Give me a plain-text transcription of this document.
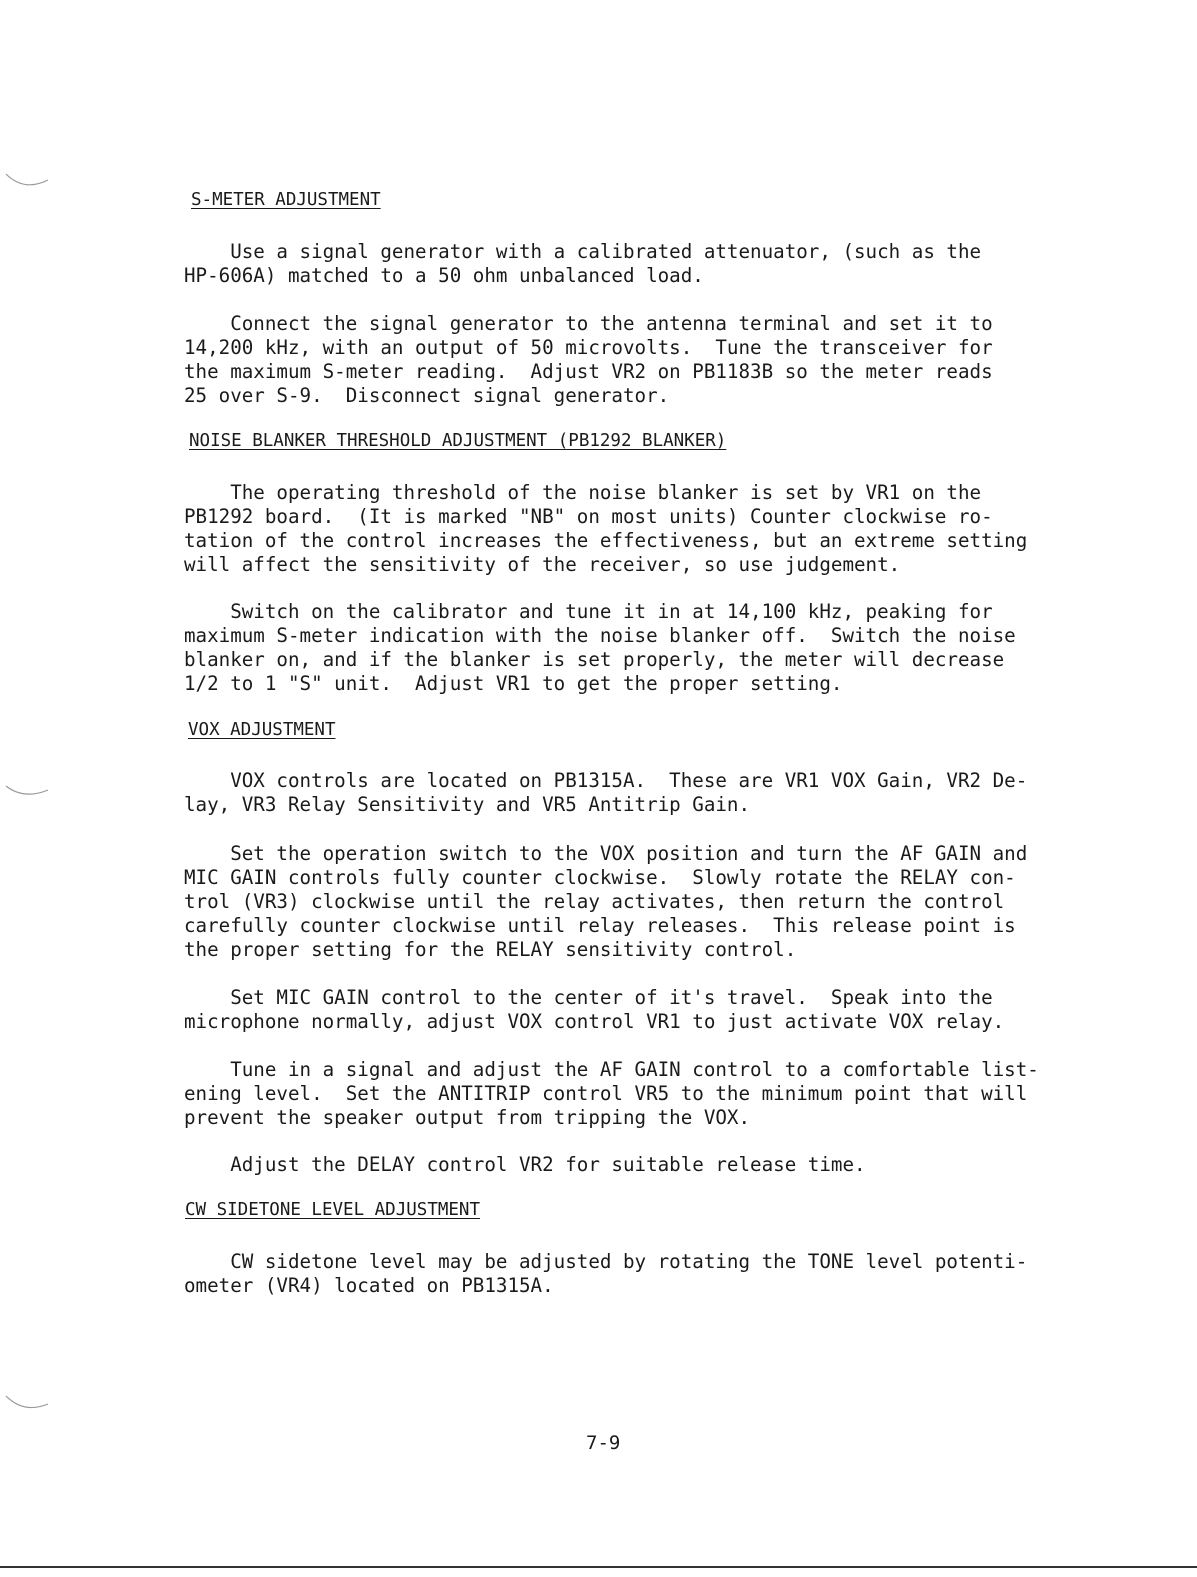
S-METER ADJUSTMENT
Use a signal generator with a calibrated attenuator, (such as the
HP-606A) matched to a 50 ohm unbalanced load.
Connect the signal generator to the antenna terminal and set it to
14,200 kHz, with an output of 50 microvolts.  Tune the transceiver for
the maximum S-meter reading.  Adjust VR2 on PB1183B so the meter reads
25 over S-9.  Disconnect signal generator.
NOISE BLANKER THRESHOLD ADJUSTMENT (PB1292 BLANKER)
The operating threshold of the noise blanker is set by VR1 on the
PB1292 board.  (It is marked "NB" on most units) Counter clockwise ro-
tation of the control increases the effectiveness, but an extreme setting
will affect the sensitivity of the receiver, so use judgement.
Switch on the calibrator and tune it in at 14,100 kHz, peaking for
maximum S-meter indication with the noise blanker off.  Switch the noise
blanker on, and if the blanker is set properly, the meter will decrease
1/2 to 1 "S" unit.  Adjust VR1 to get the proper setting.
VOX ADJUSTMENT
VOX controls are located on PB1315A.  These are VR1 VOX Gain, VR2 De-
lay, VR3 Relay Sensitivity and VR5 Antitrip Gain.
Set the operation switch to the VOX position and turn the AF GAIN and
MIC GAIN controls fully counter clockwise.  Slowly rotate the RELAY con-
trol (VR3) clockwise until the relay activates, then return the control
carefully counter clockwise until relay releases.  This release point is
the proper setting for the RELAY sensitivity control.
Set MIC GAIN control to the center of it's travel.  Speak into the
microphone normally, adjust VOX control VR1 to just activate VOX relay.
Tune in a signal and adjust the AF GAIN control to a comfortable list-
ening level.  Set the ANTITRIP control VR5 to the minimum point that will
prevent the speaker output from tripping the VOX.
Adjust the DELAY control VR2 for suitable release time.
CW SIDETONE LEVEL ADJUSTMENT
CW sidetone level may be adjusted by rotating the TONE level potenti-
ometer (VR4) located on PB1315A.
7-9
